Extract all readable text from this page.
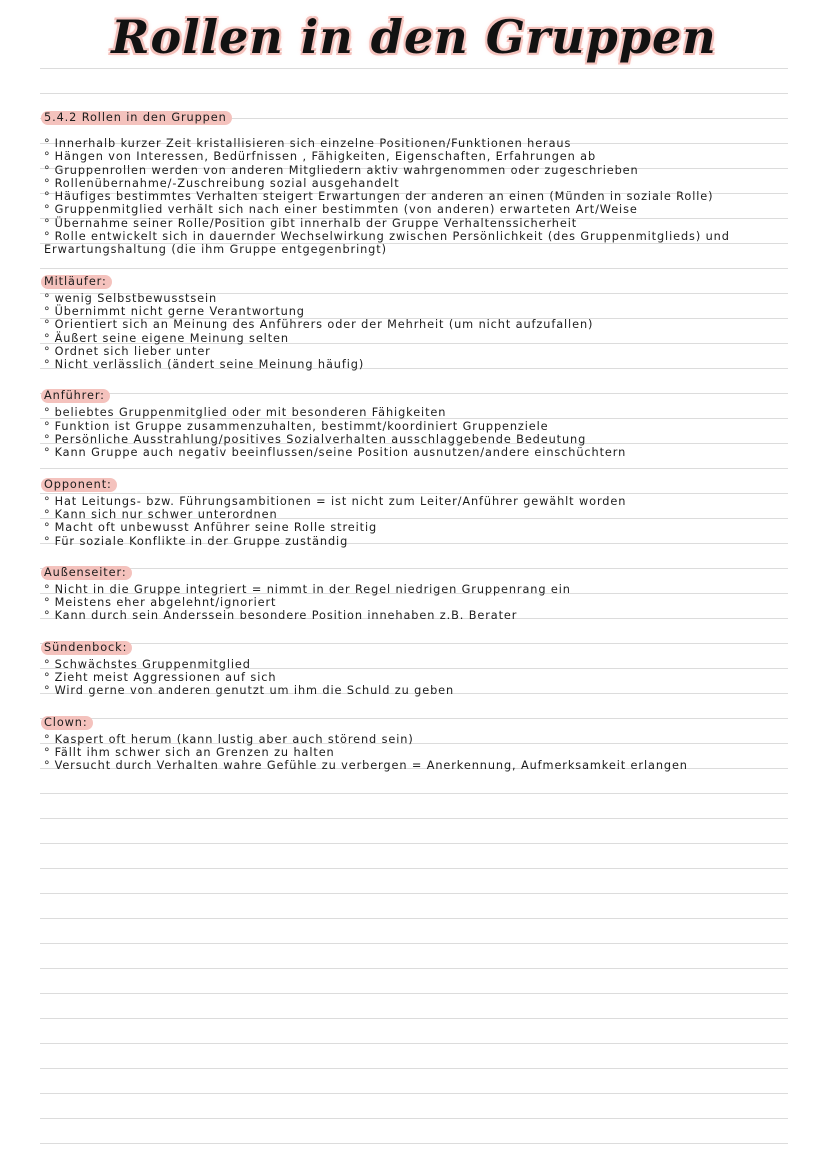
Rollen in den Gruppen
5.4.2 Rollen in den Gruppen
° Innerhalb kurzer Zeit kristallisieren sich einzelne Positionen/Funktionen heraus
° Hängen von Interessen, Bedürfnissen , Fähigkeiten, Eigenschaften, Erfahrungen ab
° Gruppenrollen werden von anderen Mitgliedern aktiv wahrgenommen oder zugeschrieben
° Rollenübernahme/-Zuschreibung sozial ausgehandelt
° Häufiges bestimmtes Verhalten steigert Erwartungen der anderen an einen (Münden in soziale Rolle)
° Gruppenmitglied verhält sich nach einer bestimmten (von anderen) erwarteten Art/Weise
° Übernahme seiner Rolle/Position gibt innerhalb der Gruppe Verhaltenssicherheit
° Rolle entwickelt sich in dauernder Wechselwirkung zwischen Persönlichkeit (des Gruppenmitglieds) und Erwartungshaltung (die ihm Gruppe entgegenbringt)
Mitläufer:
° wenig Selbstbewusstsein
° Übernimmt nicht gerne Verantwortung
° Orientiert sich an Meinung des Anführers oder der Mehrheit (um nicht aufzufallen)
° Äußert seine eigene Meinung selten
° Ordnet sich lieber unter
° Nicht verlässlich (ändert seine Meinung häufig)
Anführer:
° beliebtes Gruppenmitglied oder mit besonderen Fähigkeiten
° Funktion ist Gruppe zusammenzuhalten, bestimmt/koordiniert Gruppenziele
° Persönliche Ausstrahlung/positives Sozialverhalten ausschlaggebende Bedeutung
° Kann Gruppe auch negativ beeinflussen/seine Position ausnutzen/andere einschüchtern
Opponent:
° Hat Leitungs- bzw. Führungsambitionen = ist nicht zum Leiter/Anführer gewählt worden
° Kann sich nur schwer unterordnen
° Macht oft unbewusst Anführer seine Rolle streitig
° Für soziale Konflikte in der Gruppe zuständig
Außenseiter:
° Nicht in die Gruppe integriert = nimmt in der Regel niedrigen Gruppenrang ein
° Meistens eher abgelehnt/ignoriert
° Kann durch sein Anderssein besondere Position innehaben z.B. Berater
Sündenbock:
° Schwächstes Gruppenmitglied
° Zieht meist Aggressionen auf sich
° Wird gerne von anderen genutzt um ihm die Schuld zu geben
Clown:
° Kaspert oft herum (kann lustig aber auch störend sein)
° Fällt ihm schwer sich an Grenzen zu halten
° Versucht durch Verhalten wahre Gefühle zu verbergen = Anerkennung, Aufmerksamkeit erlangen
